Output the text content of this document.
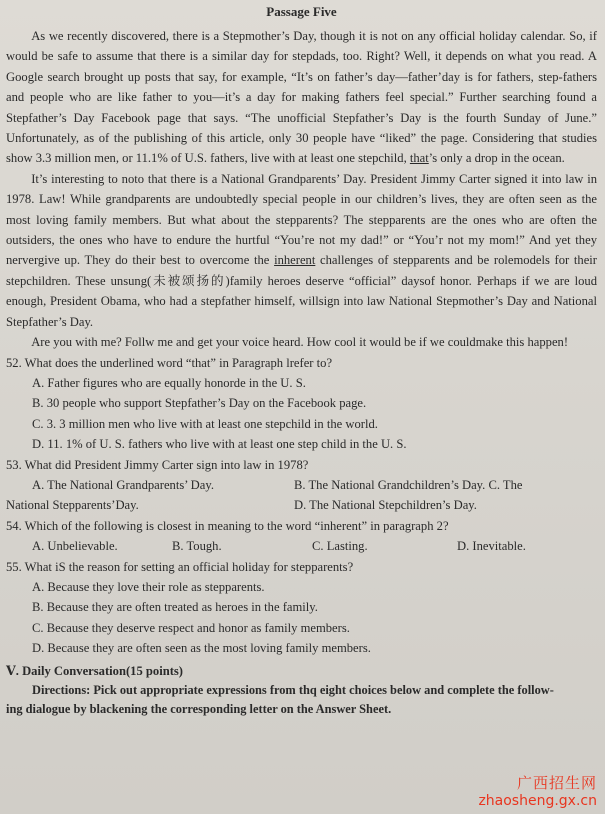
Passage Five

As we recently discovered, there is a Stepmother’s Day, though it is not on any official holiday calendar. So, if would be safe to assume that there is a similar day for stepdads, too. Right? Well, it depends on what you read. A Google search brought up posts that say, for example, “It’s on father’s day—father’day is for fathers, step-fathers and people who are like father to you—it’s a day for making fathers feel special.” Further searching found a Stepfather’s Day Facebook page that says. “The unofficial Stepfather’s Day is the fourth Sunday of June.” Unfortunately, as of the publishing of this article, only 30 people have “liked” the page. Considering that studies show 3.3 million men, or 11.1% of U.S. fathers, live with at least one stepchild, that’s only a drop in the ocean.

It’s interesting to noto that there is a National Grandparents’ Day. President Jimmy Carter signed it into law in 1978. Law! While grandparents are undoubtedly special people in our children’s lives, they are often seen as the most loving family members. But what about the stepparents? The stepparents are the ones who are often the outsiders, the ones who have to endure the hurtful “You’re not my dad!” or “You’r not my mom!” And yet they nervergive up. They do their best to overcome the inherent challenges of stepparents and be rolemodels for their stepchildren. These unsung(未被颂扬的)family heroes deserve “official” daysof honor. Perhaps if we are loud enough, President Obama, who had a stepfather himself, willsign into law National Stepmother’s Day and National Stepfather’s Day.

Are you with me? Follw me and get your voice heard. How cool it would be if we couldmake this happen!

52. What does the underlined word “that” in Paragraph lrefer to?
A. Father figures who are equally honorde in the U. S.
B. 30 people who support Stepfather’s Day on the Facebook page.
C. 3. 3 million men who live with at least one stepchild in the world.
D. 11. 1% of U. S. fathers who live with at least one step child in the U. S.
53. What did President Jimmy Carter sign into law in 1978?
A. The National Grandparents’ Day.	B. The National Grandchildren’s Day. C. The
National Stepparents’Day.	D. The National Stepchildren’s Day.
54. Which of the following is closest in meaning to the word “inherent” in paragraph 2?
A. Unbelievable.	B. Tough.	C. Lasting.	D. Inevitable.
55. What iS the reason for setting an official holiday for stepparents?
A. Because they love their role as stepparents.
B. Because they are often treated as heroes in the family.
C. Because they deserve respect and honor as family members.
D. Because they are often seen as the most loving family members.
Ⅴ. Daily Conversation(15 points)
Directions: Pick out appropriate expressions from thq eight choices below and complete the follow-
ing dialogue by blackening the corresponding letter on the Answer Sheet.
广西招生网
zhaosheng.gx.cn
